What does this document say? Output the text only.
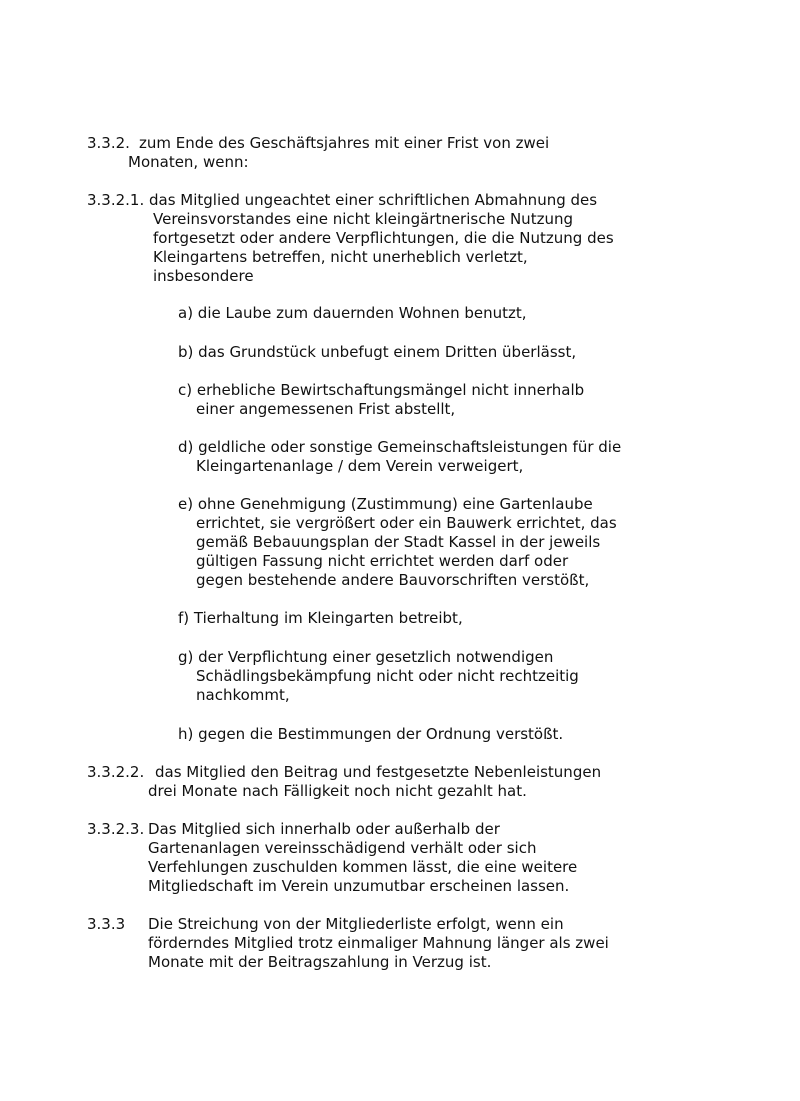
3.3.2. zum Ende des Geschäftsjahres mit einer Frist von zwei
Monaten, wenn:
3.3.2.1. das Mitglied ungeachtet einer schriftlichen Abmahnung des
Vereinsvorstandes eine nicht kleingärtnerische Nutzung
fortgesetzt oder andere Verpflichtungen, die die Nutzung des
Kleingartens betreffen, nicht unerheblich verletzt,
insbesondere
a) die Laube zum dauernden Wohnen benutzt,
b) das Grundstück unbefugt einem Dritten überlässt,
c) erhebliche Bewirtschaftungsmängel nicht innerhalb
einer angemessenen Frist abstellt,
d) geldliche oder sonstige Gemeinschaftsleistungen für die
Kleingartenanlage / dem Verein verweigert,
e) ohne Genehmigung (Zustimmung) eine Gartenlaube
errichtet, sie vergrößert oder ein Bauwerk errichtet, das
gemäß Bebauungsplan der Stadt Kassel in der jeweils
gültigen Fassung nicht errichtet werden darf oder
gegen bestehende andere Bauvorschriften verstößt,
f) Tierhaltung im Kleingarten betreibt,
g) der Verpflichtung einer gesetzlich notwendigen
Schädlingsbekämpfung nicht oder nicht rechtzeitig
nachkommt,
h) gegen die Bestimmungen der Ordnung verstößt.
3.3.2.2. das Mitglied den Beitrag und festgesetzte Nebenleistungen
drei Monate nach Fälligkeit noch nicht gezahlt hat.
3.3.2.3. Das Mitglied sich innerhalb oder außerhalb der
Gartenanlagen vereinsschädigend verhält oder sich
Verfehlungen zuschulden kommen lässt, die eine weitere
Mitgliedschaft im Verein unzumutbar erscheinen lassen.
3.3.3 Die Streichung von der Mitgliederliste erfolgt, wenn ein
förderndes Mitglied trotz einmaliger Mahnung länger als zwei
Monate mit der Beitragszahlung in Verzug ist.
